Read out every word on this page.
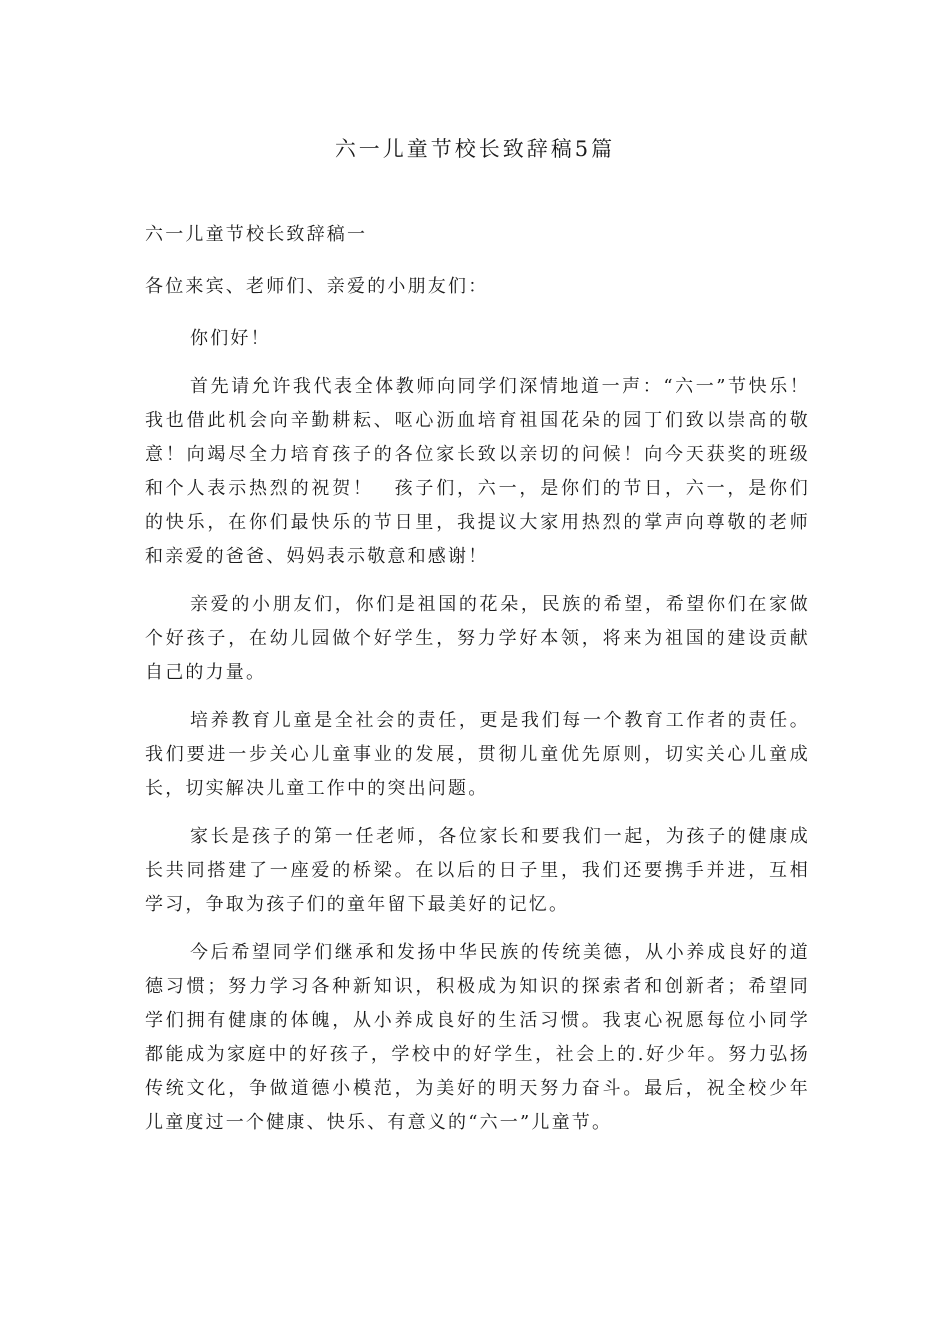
六一儿童节校长致辞稿5篇

六一儿童节校长致辞稿一

各位来宾、老师们、亲爱的小朋友们：

你们好！

首先请允许我代表全体教师向同学们深情地道一声：“六一”节快乐！我也借此机会向辛勤耕耘、呕心沥血培育祖国花朵的园丁们致以崇高的敬意！向竭尽全力培育孩子的各位家长致以亲切的问候！向今天获奖的班级和个人表示热烈的祝贺！　孩子们，六一，是你们的节日，六一，是你们的快乐，在你们最快乐的节日里，我提议大家用热烈的掌声向尊敬的老师和亲爱的爸爸、妈妈表示敬意和感谢！

亲爱的小朋友们，你们是祖国的花朵，民族的希望，希望你们在家做个好孩子，在幼儿园做个好学生，努力学好本领，将来为祖国的建设贡献自己的力量。

培养教育儿童是全社会的责任，更是我们每一个教育工作者的责任。我们要进一步关心儿童事业的发展，贯彻儿童优先原则，切实关心儿童成长，切实解决儿童工作中的突出问题。

家长是孩子的第一任老师，各位家长和要我们一起，为孩子的健康成长共同搭建了一座爱的桥梁。在以后的日子里，我们还要携手并进，互相学习，争取为孩子们的童年留下最美好的记忆。

今后希望同学们继承和发扬中华民族的传统美德，从小养成良好的道德习惯；努力学习各种新知识，积极成为知识的探索者和创新者；希望同学们拥有健康的体魄，从小养成良好的生活习惯。我衷心祝愿每位小同学都能成为家庭中的好孩子，学校中的好学生，社会上的.好少年。努力弘扬传统文化，争做道德小模范，为美好的明天努力奋斗。最后，祝全校少年儿童度过一个健康、快乐、有意义的“六一”儿童节。
